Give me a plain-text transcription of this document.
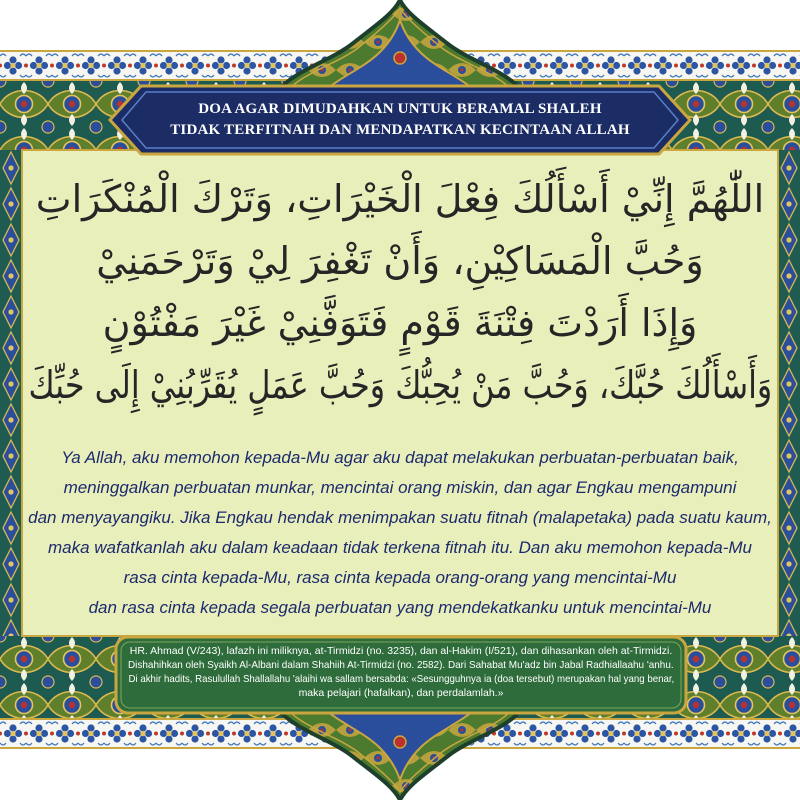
DOA AGAR DIMUDAHKAN UNTUK BERAMAL SHALEH
TIDAK TERFITNAH DAN MENDAPATKAN KECINTAAN ALLAH
اللّٰهُمَّ إِنِّيْ أَسْأَلُكَ فِعْلَ الْخَيْرَاتِ، وَتَرْكَ الْمُنْكَرَاتِ
وَحُبَّ الْمَسَاكِيْنِ، وَأَنْ تَغْفِرَ لِيْ وَتَرْحَمَنِيْ
وَإِذَا أَرَدْتَ فِتْنَةَ قَوْمٍ فَتَوَفَّنِيْ غَيْرَ مَفْتُوْنٍ
وَأَسْأَلُكَ حُبَّكَ، وَحُبَّ مَنْ يُحِبُّكَ وَحُبَّ عَمَلٍ يُقَرِّبُنِيْ إِلَى حُبِّكَ
Ya Allah, aku memohon kepada-Mu agar aku dapat melakukan perbuatan-perbuatan baik,
meninggalkan perbuatan munkar, mencintai orang miskin, dan agar Engkau mengampuni
dan menyayangiku. Jika Engkau hendak menimpakan suatu fitnah (malapetaka) pada suatu kaum,
maka wafatkanlah aku dalam keadaan tidak terkena fitnah itu. Dan aku memohon kepada-Mu
rasa cinta kepada-Mu, rasa cinta kepada orang-orang yang mencintai-Mu
dan rasa cinta kepada segala perbuatan yang mendekatkanku untuk mencintai-Mu
HR. Ahmad (V/243), lafazh ini miliknya, at-Tirmidzi (no. 3235), dan al-Hakim (I/521), dan dihasankan oleh at-Tirmidzi.
Dishahihkan oleh Syaikh Al-Albani dalam Shahiih At-Tirmidzi (no. 2582). Dari Sahabat Mu'adz bin Jabal Radhiallaahu 'anhu.
Di akhir hadits, Rasulullah Shallallahu 'alaihi wa sallam bersabda: «Sesungguhnya ia (doa tersebut) merupakan hal yang benar,
maka pelajari (hafalkan), dan perdalamlah.»
